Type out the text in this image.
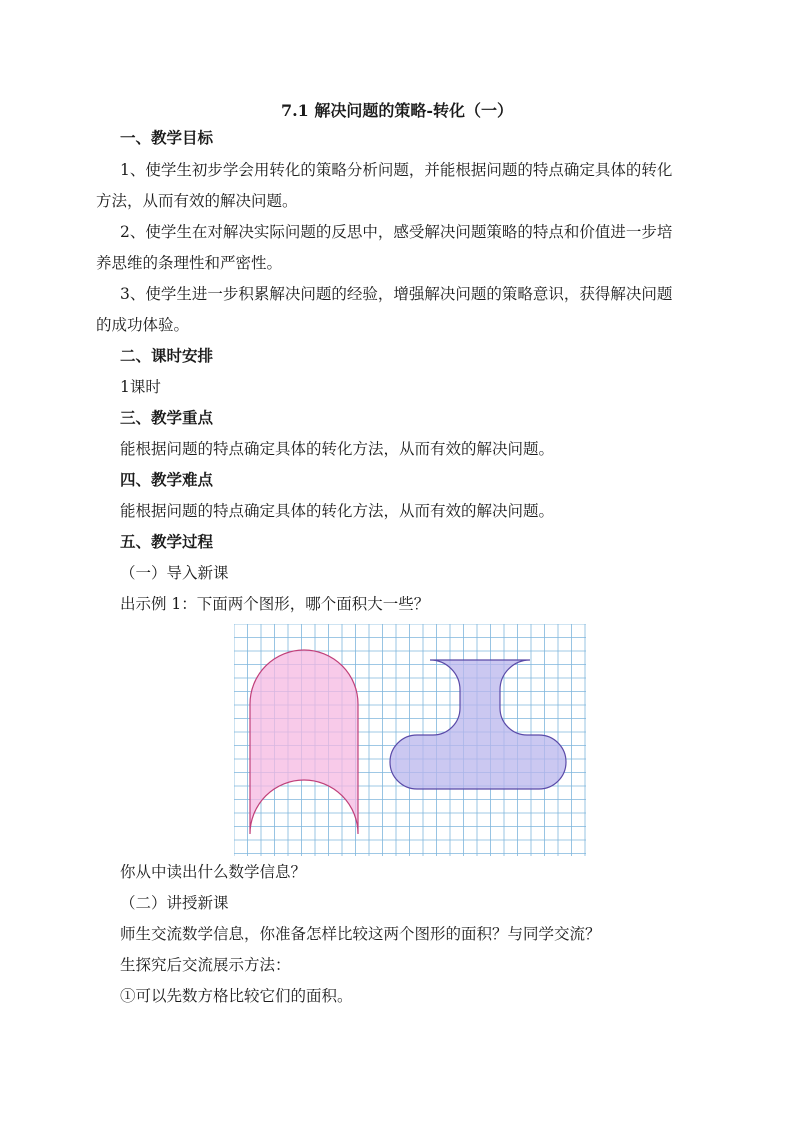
7.1 解决问题的策略-转化（一）
一、教学目标
1、使学生初步学会用转化的策略分析问题，并能根据问题的特点确定具体的转化
方法，从而有效的解决问题。
2、使学生在对解决实际问题的反思中，感受解决问题策略的特点和价值进一步培
养思维的条理性和严密性。
3、使学生进一步积累解决问题的经验，增强解决问题的策略意识，获得解决问题
的成功体验。
二、课时安排
1课时
三、教学重点
能根据问题的特点确定具体的转化方法，从而有效的解决问题。
四、教学难点
能根据问题的特点确定具体的转化方法，从而有效的解决问题。
五、教学过程
（一）导入新课
出示例 1：下面两个图形，哪个面积大一些？
你从中读出什么数学信息？
（二）讲授新课
师生交流数学信息，你准备怎样比较这两个图形的面积？与同学交流？
生探究后交流展示方法：
①可以先数方格比较它们的面积。
